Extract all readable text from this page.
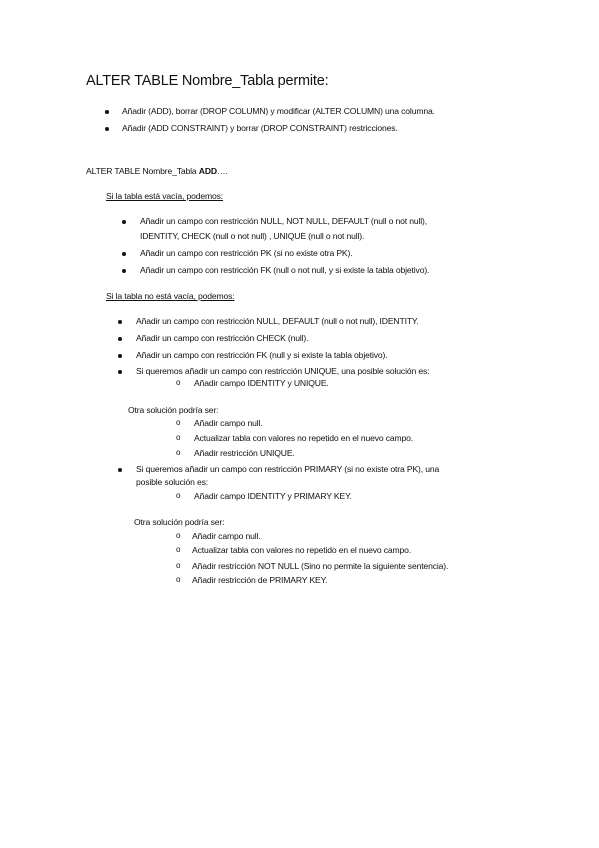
ALTER TABLE Nombre_Tabla permite:
Añadir (ADD), borrar (DROP COLUMN) y modificar (ALTER COLUMN) una columna.
Añadir (ADD CONSTRAINT) y borrar (DROP CONSTRAINT) restricciones.
ALTER TABLE Nombre_Tabla ADD….
Si la tabla está vacía, podemos:
Añadir un campo con restricción NULL, NOT NULL, DEFAULT (null o not null),
IDENTITY, CHECK (null o not null) , UNIQUE (null o not null).
Añadir un campo con restricción PK (si no existe otra PK).
Añadir un campo con restricción FK (null o not null, y si existe la tabla objetivo).
Si la tabla no está vacía, podemos:
Añadir un campo con restricción NULL, DEFAULT (null o not null), IDENTITY.
Añadir un campo con restricción CHECK (null).
Añadir un campo con restricción FK (null y si existe la tabla objetivo).
Si queremos añadir un campo con restricción UNIQUE, una posible solución es:
o Añadir campo IDENTITY y UNIQUE.
Otra solución podría ser:
o Añadir campo null.
o Actualizar tabla con valores no repetido en el nuevo campo.
o Añadir restricción UNIQUE.
Si queremos añadir un campo con restricción PRIMARY (si no existe otra PK), una
posible solución es:
o Añadir campo IDENTITY y PRIMARY KEY.
Otra solución podría ser:
o Añadir campo null.
o Actualizar tabla con valores no repetido en el nuevo campo.
o Añadir restricción NOT NULL (Sino no permite la siguiente sentencia).
o Añadir restricción de PRIMARY KEY.
